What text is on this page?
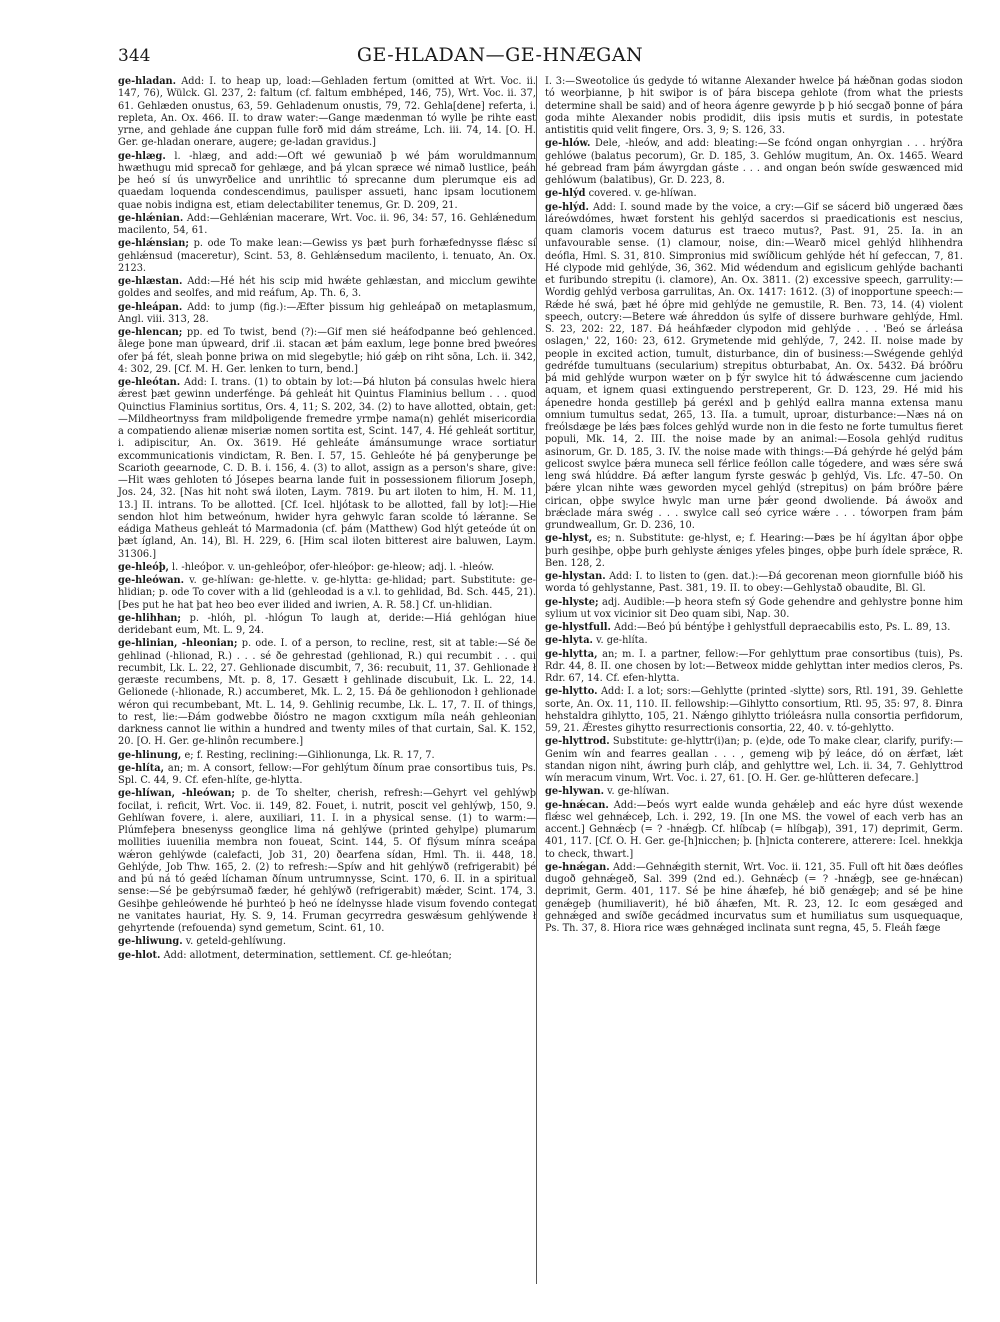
344	GE-HLADAN—GE-HNÆGAN

ge-hladan. Add: I. to heap up, load:—Gehladen fertum (omitted at Wrt. Voc. ii. 147, 76), Wülck. Gl. 237, 2: faltum (cf. faltum embhéped, 146, 75), Wrt. Voc. ii. 37, 61. Gehlæden onustus, 63, 59. Gehladenum onustis, 79, 72. Gehla[dene] referta, i. repleta, An. Ox. 466. II. to draw water:—Gange mædenman tó wylle þe rihte east yrne, and gehlade áne cuppan fulle forð mid dám streáme, Lch. iii. 74, 14. [O. H. Ger. ge-hladan onerare, augere; ge-ladan gravidus.]

ge-hlæg. l. -hlæg, and add:—Oft wé gewuniað þ wé þám woruldmannum hwæthugu mid sprecað for gehlæge, and þá ylcan spræce wé nimað lustlice, þeáh þe heó sí ús unwyrðelice and unrihtlic tó sprecanne dum plerumque eis ad quaedam loquenda condescendimus, paulisper assueti, hanc ipsam locutionem quae nobis indigna est, etiam delectabiliter tenemus, Gr. D. 209, 21.

ge-hlǽnian. Add:—Gehlǽnian macerare, Wrt. Voc. ii. 96, 34: 57, 16. Gehlǽnedum macilento, 54, 61.

ge-hlǽnsian; p. ode To make lean:—Gewiss ys þæt þurh forhæfednysse flǽsc sí gehlǽnsud (maceretur), Scint. 53, 8. Gehlǽnsedum macilento, i. tenuato, An. Ox. 2123.

ge-hlæstan. Add:—Hé hét his scip mid hwǽte gehlæstan, and micclum gewihte goldes and seolfes, and mid reáfum, Ap. Th. 6, 3.

ge-hleápan. Add: to jump (fig.):—Æfter þissum hig gehleápað on metaplasmum, Angl. viii. 313, 28.

ge-hlencan; pp. ed To twist, bend (?):—Gif men sié heáfodpanne beó gehlenced. ālege þone man úpweard, drif .ii. stacan æt þám eaxlum, lege þonne bred þweóres ofer þá fét, sleah þonne þriwa on mid slegebytle; hió gǽþ on riht sōna, Lch. ii. 342, 4: 302, 29. [Cf. M. H. Ger. lenken to turn, bend.]

ge-hleótan. Add: I. trans. (1) to obtain by lot:—Þá hluton þá consulas hwelc hiera ǽrest þæt gewinn underfénge. Þá gehleát hit Quintus Flaminius bellum . . . quod Quinctius Flaminius sortitus, Ors. 4, 11; S. 202, 34. (2) to have allotted, obtain, get:—Mildheortnyss fram mildþoligende fremedre yrmþe nama(n) gehlét misericordia a compatiendo alienæ miseriæ nomen sortita est, Scint. 147, 4. Hé gehleát sortitur, i. adipiscitur, An. Ox. 3619. Hé gehleáte ámánsumunge wrace sortiatur excommunicationis vindictam, R. Ben. I. 57, 15. Gehleóte hé þá genyþerunge þe Scarioth geearnode, C. D. B. i. 156, 4. (3) to allot, assign as a person's share, give:—Hit wæs gehloten tó Jósepes bearna lande fuit in possessionem filiorum Joseph, Jos. 24, 32. [Nas hit noht swá iloten, Laym. 7819. Þu art iloten to him, H. M. 11, 13.] II. intrans. To be allotted. [Cf. Icel. hljótask to be allotted, fall by lot]:—Hie sendon hlot him betweónum, hwider hyra gehwylc faran scolde tó lǽranne. Se eádiga Matheus gehleát tó Marmadonia (cf. þám (Matthew) God hlýt geteóde út on þæt ígland, An. 14), Bl. H. 229, 6. [Him scal iloten bitterest aire baluwen, Laym. 31306.]

ge-hleóþ, l. -hleóþor. v. un-gehleóþor, ofer-hleóþor: ge-hleow; adj. l. -hleów.

ge-hleówan. v. ge-hlíwan: ge-hlette. v. ge-hlytta: ge-hlidad; part. Substitute: ge-hlidian; p. ode To cover with a lid (gehleodad is a v.l. to gehlidad, Bd. Sch. 445, 21). [Þes put he hat þat heo beo ever ilided and iwrien, A. R. 58.] Cf. un-hlidian.

ge-hlihhan; p. -hlóh, pl. -hlógun To laugh at, deride:—Hiá gehlógan hiue deridebant eum, Mt. L. 9, 24.

ge-hlinian, -hleonian; p. ode. I. of a person, to recline, rest, sit at table:—Sé ðe gehlinad (-hlionad, R.) . . . sé ðe gehrestad (gehlionad, R.) qui recumbit . . . qui recumbit, Lk. L. 22, 27. Gehlionade discumbit, 7, 36: recubuit, 11, 37. Gehlionade ł geræste recumbens, Mt. p. 8, 17. Gesætt ł gehlinade discubuit, Lk. L. 22, 14. Gelionede (-hlionade, R.) accumberet, Mk. L. 2, 15. Ðá ðe gehlionodon ł gehlionade wéron qui recumbebant, Mt. L. 14, 9. Gehlinig recumbe, Lk. L. 17, 7. II. of things, to rest, lie:—Ðám godwebbe ðióstro ne magon cxxtigum míla neáh gehleonian darkness cannot lie within a hundred and twenty miles of that curtain, Sal. K. 152, 20. [O. H. Ger. ge-hlinôn recumbere.]

ge-hlinung, e; f. Resting, reclining:—Gihlionunga, Lk. R. 17, 7.

ge-hlíta, an; m. A consort, fellow:—For gehlýtum ðínum prae consortibus tuis, Ps. Spl. C. 44, 9. Cf. efen-hlíte, ge-hlytta.

ge-hlíwan, -hleówan; p. de To shelter, cherish, refresh:—Gehyrt vel gehlýwþ focilat, i. reficit, Wrt. Voc. ii. 149, 82. Fouet, i. nutrit, poscit vel gehlýwþ, 150, 9. Gehlíwan fovere, i. alere, auxiliari, 11. I. in a physical sense. (1) to warm:—Plúmfeþera bnesenyss geonglice lima ná gehlýwe (printed gehylpe) plumarum mollities iuuenilia membra non foueat, Scint. 144, 5. Of flýsum mínra sceápa wǽron gehlýwde (calefacti, Job 31, 20) ðearfena sídan, Hml. Th. ii. 448, 18. Gehlýde, Job Thw. 165, 2. (2) to refresh:—Spíw and hit gehlýwð (refrigerabit) þé and þú ná tó geǽd líchaman ðínum untrumnysse, Scint. 170, 6. II. in a spiritual sense:—Sé þe gebýrsumað fæder, hé gehlýwð (refrigerabit) mǽder, Scint. 174, 3. Gesihþe gehleówende hé þurhteó þ heó ne ídelnysse hlade visum fovendo contegat ne vanitates hauriat, Hy. S. 9, 14. Fruman gecyrredra geswǽsum gehlýwende ł gehyrtende (refouenda) synd gemetum, Scint. 61, 10.

ge-hliwung. v. geteld-gehlíwung.

ge-hlot. Add: allotment, determination, settlement. Cf. ge-hleótan;

I. 3:—Sweotolice ús gedyde tó witanne Alexander hwelce þá hǽðnan godas siodon tó weorþianne, þ hit swiþor is of þára biscepa gehlote (from what the priests determine shall be said) and of heora ágenre gewyrde þ þ hió secgað þonne of þára goda mihte Alexander nobis prodidit, diis ipsis mutis et surdis, in potestate antistitis quid velit fingere, Ors. 3, 9; S. 126, 33.

ge-hlów. Dele, -hleów, and add: bleating:—Se fcónd ongan onhyrgian . . . hrýðra gehlówe (balatus pecorum), Gr. D. 185, 3. Gehlów mugitum, An. Ox. 1465. Weard hé gebread fram þám áwyrgdan gáste . . . and ongan beón swíde geswænced mid gehlówum (balatibus), Gr. D. 223, 8.

ge-hlýd covered. v. ge-hlíwan.

ge-hlýd. Add: I. sound made by the voice, a cry:—Gif se sácerd bið ungeræd ðæs láreówdómes, hwæt forstent his gehlýd sacerdos si praedicationis est nescius, quam clamoris vocem daturus est traeco mutus?, Past. 91, 25. Ia. in an unfavourable sense. (1) clamour, noise, din:—Wearð micel gehlýd hlihhendra deófla, Hml. S. 31, 810. Simpronius mid swíðlicum gehlýde hét hí gefeccan, 7, 81. Hé clypode mid gehlýde, 36, 362. Mid wédendum and egislicum gehlýde bachanti et furibundo strepitu (i. clamore), An. Ox. 3811. (2) excessive speech, garrulity:—Wordig gehlýd verbosa garrulitas, An. Ox. 1417: 1612. (3) of inopportune speech:—Rǽde hé swá, þæt hé óþre mid gehlýde ne gemustile, R. Ben. 73, 14. (4) violent speech, outcry:—Betere wǽ áhreddon ús sylfe of dissere burhware gehlýde, Hml. S. 23, 202: 22, 187. Ðá heáhfæder clypodon mid gehlýde . . . 'Beó se árleása oslagen,' 22, 160: 23, 612. Grymetende mid gehlýde, 7, 242. II. noise made by people in excited action, tumult, disturbance, din of business:—Swégende gehlýd gedréfde tumultuans (secularium) strepitus obturbabat, An. Ox. 5432. Ðá bróðru þá mid gehlýde wurpon wæter on þ fýr swylce hit tó ádwǽscenne cum jaciendo aquam, et ignem quasi extinguendo perstreperent, Gr. D. 123, 29. Hé mid his ápenedre honda gestilleþ þá geréxl and þ gehlýd eallra manna extensa manu omnium tumultus sedat, 265, 13. IIa. a tumult, uproar, disturbance:—Næs ná on freólsdæge þe lǽs þæs folces gehlýd wurde non in die festo ne forte tumultus fieret populi, Mk. 14, 2. III. the noise made by an animal:—Eosola gehlýd ruditus asinorum, Gr. D. 185, 3. IV. the noise made with things:—Ðá gehýrde hé gelýd þám gelicost swylce þǽra muneca sell férlice feóllon calle tógedere, and wæs sére swá leng swá hlúddre. Ðá æfter langum fyrste geswác þ gehlýd, Vis. Lfc. 47–50. On þǽre ylcan nihte wæs geworden mycel gehlýd (strepitus) on þám bróðre þǽre cirican, oþþe swylce hwylc man urne þǽr geond dwoliende. Þá áwoöx and brǽclade mára swég . . . swylce call seó cyrice wǽre . . . tóworpen fram þám grundweallum, Gr. D. 236, 10.

ge-hlyst, es; n. Substitute: ge-hlyst, e; f. Hearing:—Þæs þe hí ágyltan áþor oþþe þurh gesihþe, oþþe þurh gehlyste ǽniges yfeles þinges, oþþe þurh ídele sprǽce, R. Ben. 128, 2.

ge-hlystan. Add: I. to listen to (gen. dat.):—Ðá gecorenan meon giornfulle bióð his worda tó gehlystanne, Past. 381, 19. II. to obey:—Gehlystað obaudite, Bl. Gl.

ge-hlyste; adj. Audible:—þ heora stefn sý Gode gehendre and gehlystre þonne him sylium ut vox vicinior sit Deo quam sibi, Nap. 30.

ge-hlystfull. Add:—Beó þú béntýþe ł gehlystfull depraecabilis esto, Ps. L. 89, 13.

ge-hlyta. v. ge-hlíta.

ge-hlytta, an; m. I. a partner, fellow:—For gehlyttum prae consortibus (tuis), Ps. Rdr. 44, 8. II. one chosen by lot:—Betweox midde gehlyttan inter medios cleros, Ps. Rdr. 67, 14. Cf. efen-hlytta.

ge-hlytto. Add: I. a lot; sors:—Gehlytte (printed -slytte) sors, Rtl. 191, 39. Gehlette sorte, An. Ox. 11, 110. II. fellowship:—Gihlytto consortium, Rtl. 95, 35: 97, 8. Ðinra hehstaldra gihlytto, 105, 21. Nǽngo gihlytto trióleásra nulla consortia perfidorum, 59, 21. Ǽrestes gihytto resurrectionis consortia, 22, 40. v. tó-gehlytto.

ge-hlyttrod. Substitute: ge-hlyttr(i)an; p. (e)de, ode To make clear, clarify, purify:—Genim wín and fearres geallan . . . , gemeng wiþ þý leáce, dó on ǽrfæt, lǽt standan nigon niht, áwring þurh cláþ, and gehlyttre wel, Lch. ii. 34, 7. Gehlyttrod wín meracum vinum, Wrt. Voc. i. 27, 61. [O. H. Ger. ge-hlûtteren defecare.]

ge-hlywan. v. ge-hlíwan.

ge-hnǽcan. Add:—Þeós wyrt ealde wunda gehǽleþ and eác hyre dúst wexende flǽsc wel gehnǽceþ, Lch. i. 292, 19. [In one MS. the vowel of each verb has an accent.] Gehnǽcþ (= ? -hnǽgþ. Cf. hlíbcaþ (= hlíbgaþ), 391, 17) deprimit, Germ. 401, 117. [Cf. O. H. Ger. ge-[h]nicchen; þ. [h]nicta conterere, atterere: Icel. hnekkja to check, thwart.]

ge-hnǽgan. Add:—Gehnǽgith sternit, Wrt. Voc. ii. 121, 35. Full oft hit ðæs deófles dugoð gehnǽgeð, Sal. 399 (2nd ed.). Gehnǽcþ (= ? -hnǽgþ, see ge-hnǽcan) deprimit, Germ. 401, 117. Sé þe hine áhæfeþ, hé bið genǽgeþ; and sé þe hine genǽgeþ (humiliaverit), hé bið áhæfen, Mt. R. 23, 12. Ic eom gesǽged and gehnǽged and swíðe gecádmed incurvatus sum et humiliatus sum usquequaque, Ps. Th. 37, 8. Hiora rice wæs gehnǽged inclinata sunt regna, 45, 5. Fleáh fæge
